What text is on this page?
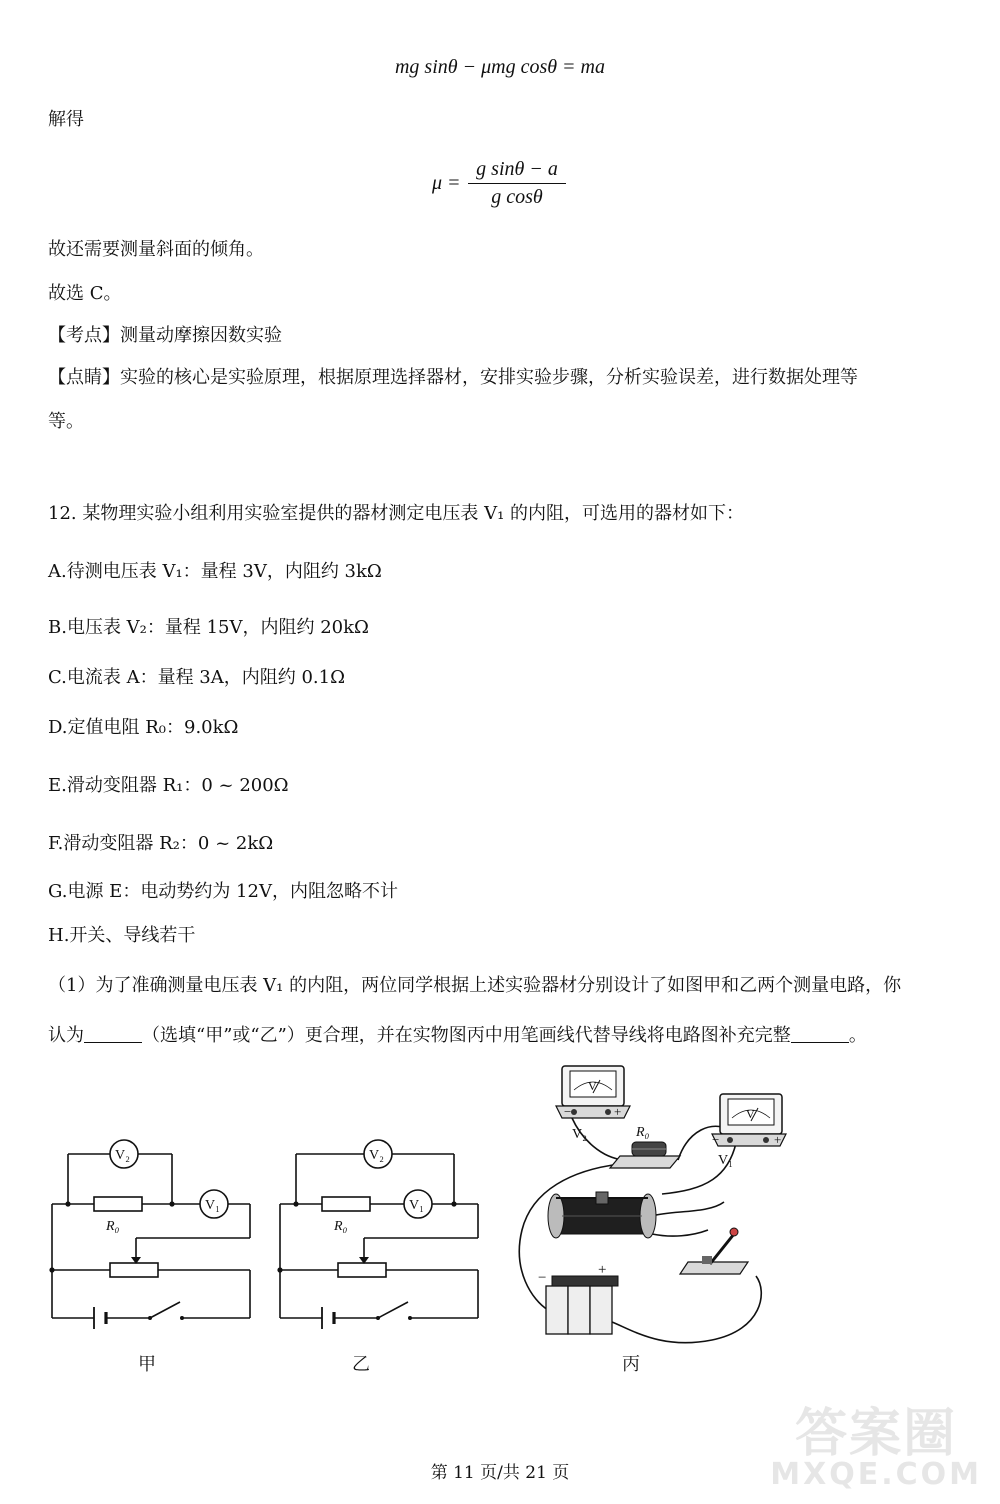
mg sinθ − μmg cosθ = ma
解得
$\mu = \frac{\text{g sinθ − a}}{\text{g cosθ}}$
故还需要测量斜面的倾角。
故选 C。
【考点】测量动摩擦因数实验
【点睛】实验的核心是实验原理，根据原理选择器材，安排实验步骤，分析实验误差，进行数据处理等
等。
12. 某物理实验小组利用实验室提供的器材测定电压表 V₁ 的内阻，可选用的器材如下：
A.待测电压表 V₁：量程 3V，内阻约 3kΩ
B.电压表 V₂：量程 15V，内阻约 20kΩ
C.电流表 A：量程 3A，内阻约 0.1Ω
D.定值电阻 R₀：9.0kΩ
E.滑动变阻器 R₁：0 ~ 200Ω
F.滑动变阻器 R₂：0 ~ 2kΩ
G.电源 E：电动势约为 12V，内阻忽略不计
H.开关、导线若干
（1）为了准确测量电压表 V₁ 的内阻，两位同学根据上述实验器材分别设计了如图甲和乙两个测量电路，你
认为	（选填“甲”或“乙”）更合理，并在实物图丙中用笔画线代替导线将电路图补充完整	。
V₂
V₁
R₀
甲
V₂
V₁
R₀
乙
V
V
V₂
V₁
R₀
−	+
−	+
−	+
丙
第 11 页/共 21 页
答案圈
MXQE.COM
